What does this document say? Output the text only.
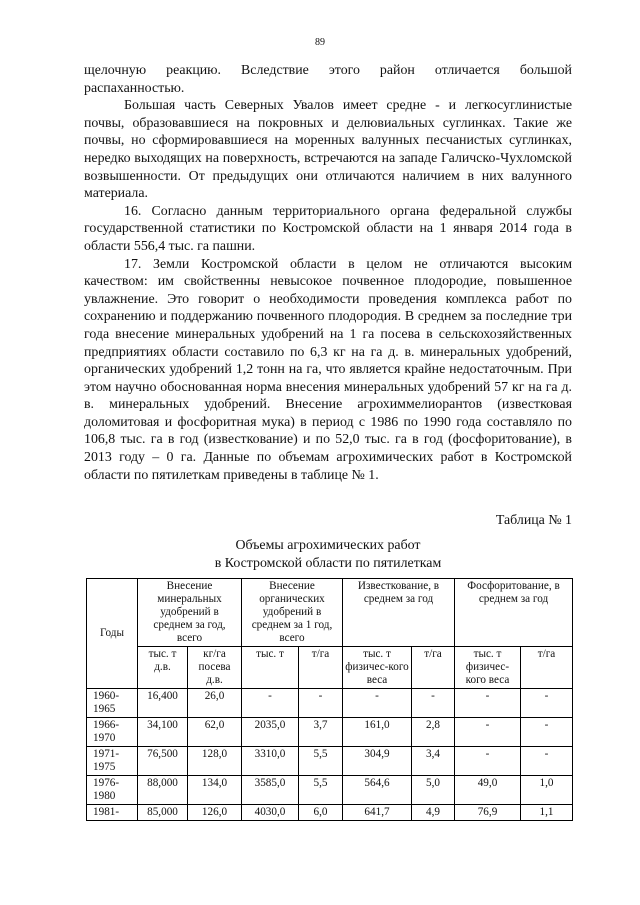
89

щелочную реакцию. Вследствие этого район отличается большой распаханностью.

Большая часть Северных Увалов имеет средне - и легкосуглинистые почвы, образовавшиеся на покровных и делювиальных суглинках. Такие же почвы, но сформировавшиеся на моренных валунных песчанистых суглинках, нередко выходящих на поверхность, встречаются на западе Галичско-Чухломской возвышенности. От предыдущих они отличаются наличием в них валунного материала.

16. Согласно данным территориального органа федеральной службы государственной статистики по Костромской области на 1 января 2014 года в области 556,4 тыс. га пашни.

17. Земли Костромской области в целом не отличаются высоким качеством: им свойственны невысокое почвенное плодородие, повышенное увлажнение. Это говорит о необходимости проведения комплекса работ по сохранению и поддержанию почвенного плодородия. В среднем за последние три года внесение минеральных удобрений на 1 га посева в сельскохозяйственных предприятиях области составило по 6,3 кг на га д. в. минеральных удобрений, органических удобрений 1,2 тонн на га, что является крайне недостаточным. При этом научно обоснованная норма внесения минеральных удобрений 57 кг на га д. в. минеральных удобрений. Внесение агрохиммелиорантов (известковая доломитовая и фосфоритная мука) в период с 1986 по 1990 года составляло по 106,8 тыс. га в год (известкование) и по 52,0 тыс. га в год (фосфоритование), в 2013 году – 0 га. Данные по объемам агрохимических работ в Костромской области по пятилеткам приведены в таблице № 1.

Таблица № 1
Объемы агрохимических работ
в Костромской области по пятилеткам
Годы	Внесение минеральных удобрений в среднем за год, всего		Внесение органических удобрений в среднем за 1 год, всего		Известкование, в среднем за год		Фосфоритование, в среднем за год	
	тыс. т д.в.	кг/га посева д.в.	тыс. т	т/га	тыс. т физичес-кого веса	т/га	тыс. т физичес-кого веса	т/га
1960-1965	16,400	26,0	-	-	-	-	-	-
1966-1970	34,100	62,0	2035,0	3,7	161,0	2,8	-	-
1971-1975	76,500	128,0	3310,0	5,5	304,9	3,4	-	-
1976-1980	88,000	134,0	3585,0	5,5	564,6	5,0	49,0	1,0
1981-	85,000	126,0	4030,0	6,0	641,7	4,9	76,9	1,1
